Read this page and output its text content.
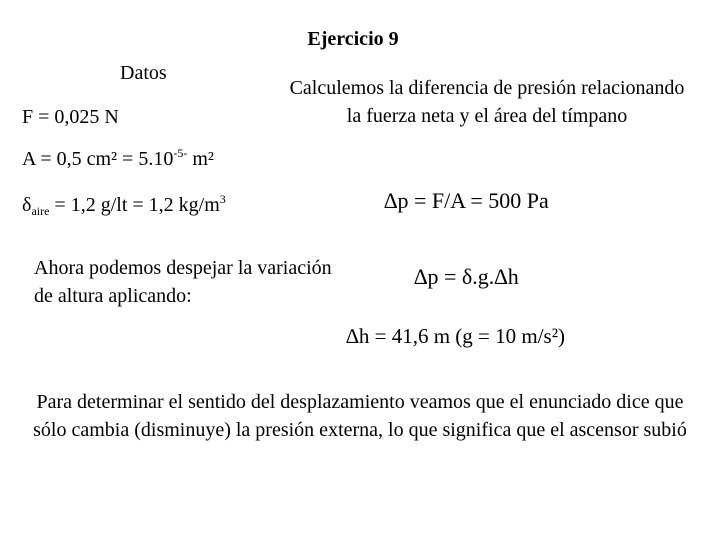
Ejercicio 9
Datos
F = 0,025 N
A = 0,5 $cm^2 = 5.10^{-5-}$ m²
$\delta_{aire} = 1,2$ g/lt = 1,2 $kg/m^3$
Calculemos la diferencia de presión relacionando la fuerza neta y el área del tímpano
∆p = F/A = 500 Pa
Ahora podemos despejar la variación de altura aplicando:
∆p = δ.g.∆h
∆h = 41,6 m (g = 10 m/s²)
Para determinar el sentido del desplazamiento veamos que el enunciado dice que sólo cambia (disminuye) la presión externa, lo que significa que el ascensor subió
